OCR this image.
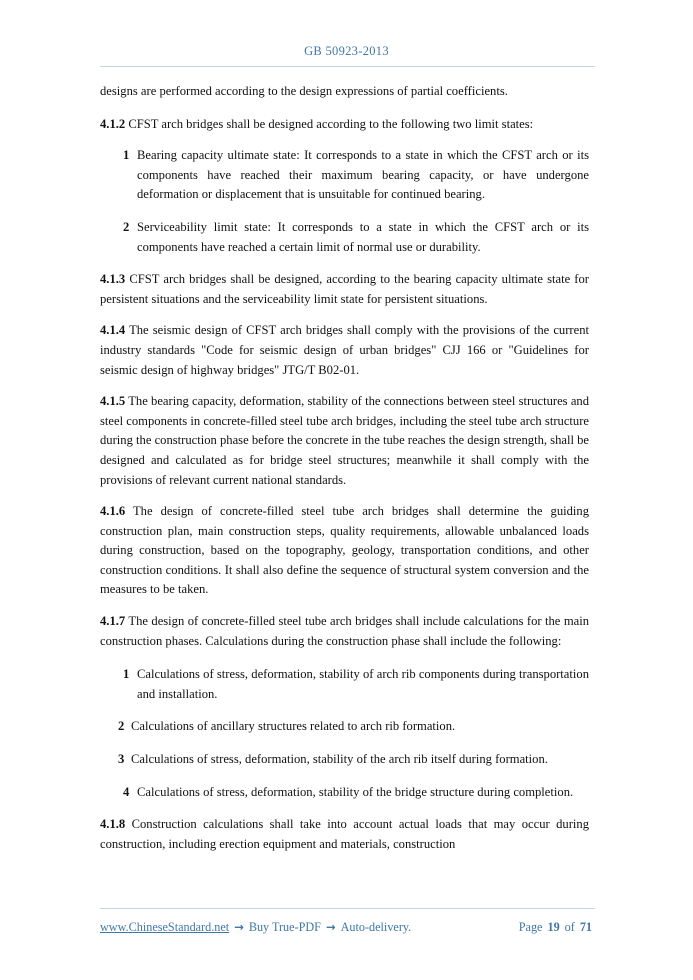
GB 50923-2013

designs are performed according to the design expressions of partial coefficients.

4.1.2 CFST arch bridges shall be designed according to the following two limit states:

1 Bearing capacity ultimate state: It corresponds to a state in which the CFST arch or its components have reached their maximum bearing capacity, or have undergone deformation or displacement that is unsuitable for continued bearing.
2 Serviceability limit state: It corresponds to a state in which the CFST arch or its components have reached a certain limit of normal use or durability.

4.1.3 CFST arch bridges shall be designed, according to the bearing capacity ultimate state for persistent situations and the serviceability limit state for persistent situations.

4.1.4 The seismic design of CFST arch bridges shall comply with the provisions of the current industry standards "Code for seismic design of urban bridges" CJJ 166 or "Guidelines for seismic design of highway bridges" JTG/T B02-01.

4.1.5 The bearing capacity, deformation, stability of the connections between steel structures and steel components in concrete-filled steel tube arch bridges, including the steel tube arch structure during the construction phase before the concrete in the tube reaches the design strength, shall be designed and calculated as for bridge steel structures; meanwhile it shall comply with the provisions of relevant current national standards.

4.1.6 The design of concrete-filled steel tube arch bridges shall determine the guiding construction plan, main construction steps, quality requirements, allowable unbalanced loads during construction, based on the topography, geology, transportation conditions, and other construction conditions. It shall also define the sequence of structural system conversion and the measures to be taken.

4.1.7 The design of concrete-filled steel tube arch bridges shall include calculations for the main construction phases. Calculations during the construction phase shall include the following:

1 Calculations of stress, deformation, stability of arch rib components during transportation and installation.
2 Calculations of ancillary structures related to arch rib formation.
3 Calculations of stress, deformation, stability of the arch rib itself during formation.
4 Calculations of stress, deformation, stability of the bridge structure during completion.

4.1.8 Construction calculations shall take into account actual loads that may occur during construction, including erection equipment and materials, construction

www.ChineseStandard.net → Buy True-PDF → Auto-delivery.	Page 19 of 71
